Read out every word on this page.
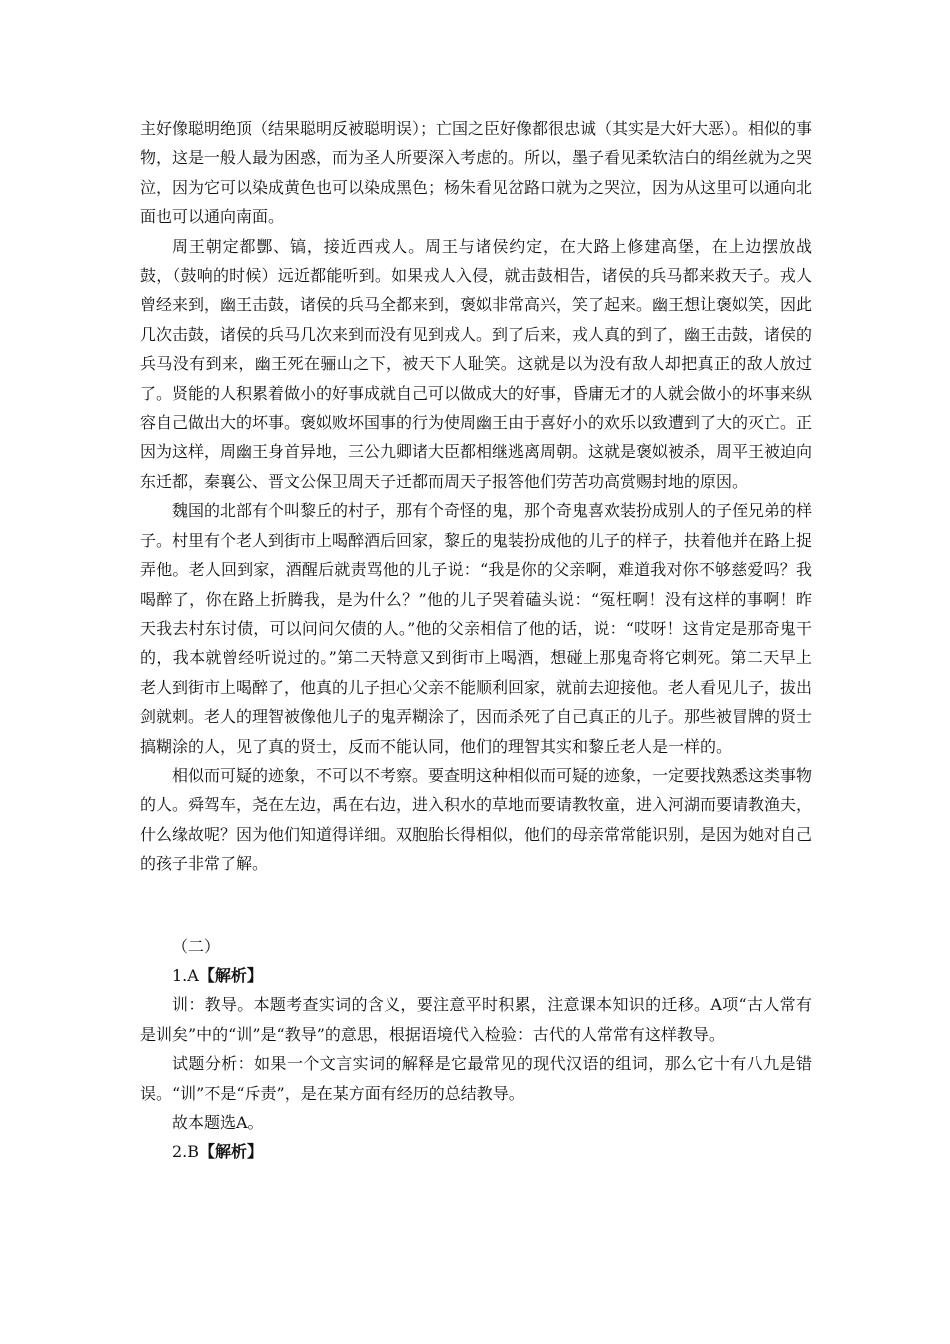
主好像聪明绝顶（结果聪明反被聪明误）；亡国之臣好像都很忠诚（其实是大奸大恶）。相似的事物，这是一般人最为困惑，而为圣人所要深入考虑的。所以，墨子看见柔软洁白的绢丝就为之哭泣，因为它可以染成黄色也可以染成黑色；杨朱看见岔路口就为之哭泣，因为从这里可以通向北面也可以通向南面。

周王朝定都酆、镐，接近西戎人。周王与诸侯约定，在大路上修建高堡，在上边摆放战鼓，（鼓响的时候）远近都能听到。如果戎人入侵，就击鼓相告，诸侯的兵马都来救天子。戎人曾经来到，幽王击鼓，诸侯的兵马全都来到，褒姒非常高兴，笑了起来。幽王想让褒姒笑，因此几次击鼓，诸侯的兵马几次来到而没有见到戎人。到了后来，戎人真的到了，幽王击鼓，诸侯的兵马没有到来，幽王死在骊山之下，被天下人耻笑。这就是以为没有敌人却把真正的敌人放过了。贤能的人积累着做小的好事成就自己可以做成大的好事，昏庸无才的人就会做小的坏事来纵容自己做出大的坏事。褒姒败坏国事的行为使周幽王由于喜好小的欢乐以致遭到了大的灭亡。正因为这样，周幽王身首异地，三公九卿诸大臣都相继逃离周朝。这就是褒姒被杀，周平王被迫向东迁都，秦襄公、晋文公保卫周天子迁都而周天子报答他们劳苦功高赏赐封地的原因。

魏国的北部有个叫黎丘的村子，那有个奇怪的鬼，那个奇鬼喜欢装扮成别人的子侄兄弟的样子。村里有个老人到街市上喝醉酒后回家，黎丘的鬼装扮成他的儿子的样子，扶着他并在路上捉弄他。老人回到家，酒醒后就责骂他的儿子说：“我是你的父亲啊，难道我对你不够慈爱吗？我喝醉了，你在路上折腾我，是为什么？”他的儿子哭着磕头说：“冤枉啊！没有这样的事啊！昨天我去村东讨债，可以问问欠债的人。”他的父亲相信了他的话，说：“哎呀！这肯定是那奇鬼干的，我本就曾经听说过的。”第二天特意又到街市上喝酒，想碰上那鬼奇将它刺死。第二天早上老人到街市上喝醉了，他真的儿子担心父亲不能顺利回家，就前去迎接他。老人看见儿子，拔出剑就刺。老人的理智被像他儿子的鬼弄糊涂了，因而杀死了自己真正的儿子。那些被冒牌的贤士搞糊涂的人，见了真的贤士，反而不能认同，他们的理智其实和黎丘老人是一样的。

相似而可疑的迹象，不可以不考察。要查明这种相似而可疑的迹象，一定要找熟悉这类事物的人。舜驾车，尧在左边，禹在右边，进入积水的草地而要请教牧童，进入河湖而要请教渔夫，什么缘故呢？因为他们知道得详细。双胞胎长得相似，他们的母亲常常能识别，是因为她对自己的孩子非常了解。

（二）

1.A【解析】

训：教导。本题考查实词的含义，要注意平时积累，注意课本知识的迁移。A项“古人常有是训矣”中的“训”是“教导”的意思，根据语境代入检验：古代的人常常有这样教导。

试题分析：如果一个文言实词的解释是它最常见的现代汉语的组词，那么它十有八九是错误。“训”不是“斥责”，是在某方面有经历的总结教导。

故本题选A。

2.B【解析】
